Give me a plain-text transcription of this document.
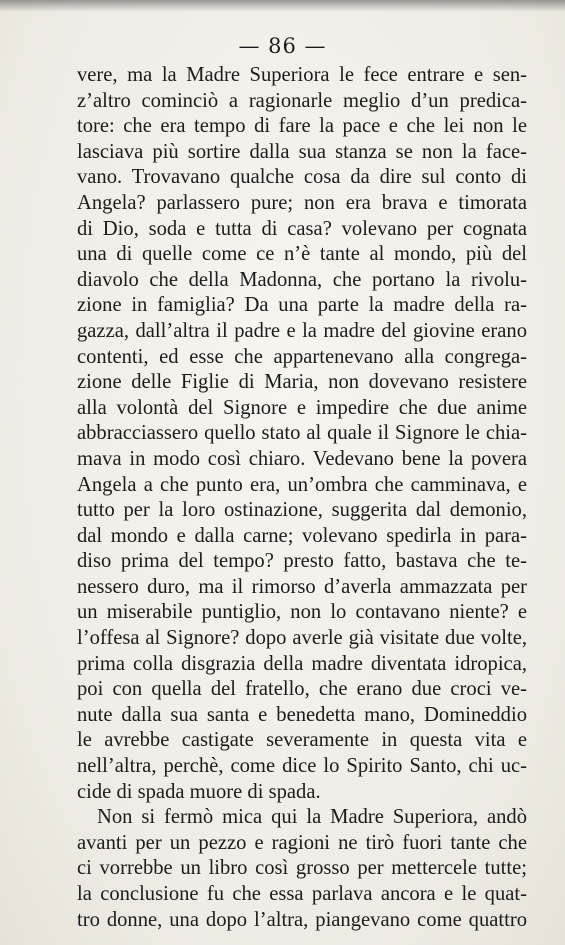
— 86 —

vere, ma la Madre Superiora le fece entrare e sen-
z’altro cominciò a ragionarle meglio d’un predica-
tore: che era tempo di fare la pace e che lei non le
lasciava più sortire dalla sua stanza se non la face-
vano. Trovavano qualche cosa da dire sul conto di
Angela? parlassero pure; non era brava e timorata
di Dio, soda e tutta di casa? volevano per cognata
una di quelle come ce n’è tante al mondo, più del
diavolo che della Madonna, che portano la rivolu-
zione in famiglia? Da una parte la madre della ra-
gazza, dall’altra il padre e la madre del giovine erano
contenti, ed esse che appartenevano alla congrega-
zione delle Figlie di Maria, non dovevano resistere
alla volontà del Signore e impedire che due anime
abbracciassero quello stato al quale il Signore le chia-
mava in modo così chiaro. Vedevano bene la povera
Angela a che punto era, un’ombra che camminava, e
tutto per la loro ostinazione, suggerita dal demonio,
dal mondo e dalla carne; volevano spedirla in para-
diso prima del tempo? presto fatto, bastava che te-
nessero duro, ma il rimorso d’averla ammazzata per
un miserabile puntiglio, non lo contavano niente? e
l’offesa al Signore? dopo averle già visitate due volte,
prima colla disgrazia della madre diventata idropica,
poi con quella del fratello, che erano due croci ve-
nute dalla sua santa e benedetta mano, Domineddio
le avrebbe castigate severamente in questa vita e
nell’altra, perchè, come dice lo Spirito Santo, chi uc-
cide di spada muore di spada.
Non si fermò mica qui la Madre Superiora, andò
avanti per un pezzo e ragioni ne tirò fuori tante che
ci vorrebbe un libro così grosso per mettercele tutte;
la conclusione fu che essa parlava ancora e le quat-
tro donne, una dopo l’altra, piangevano come quattro
